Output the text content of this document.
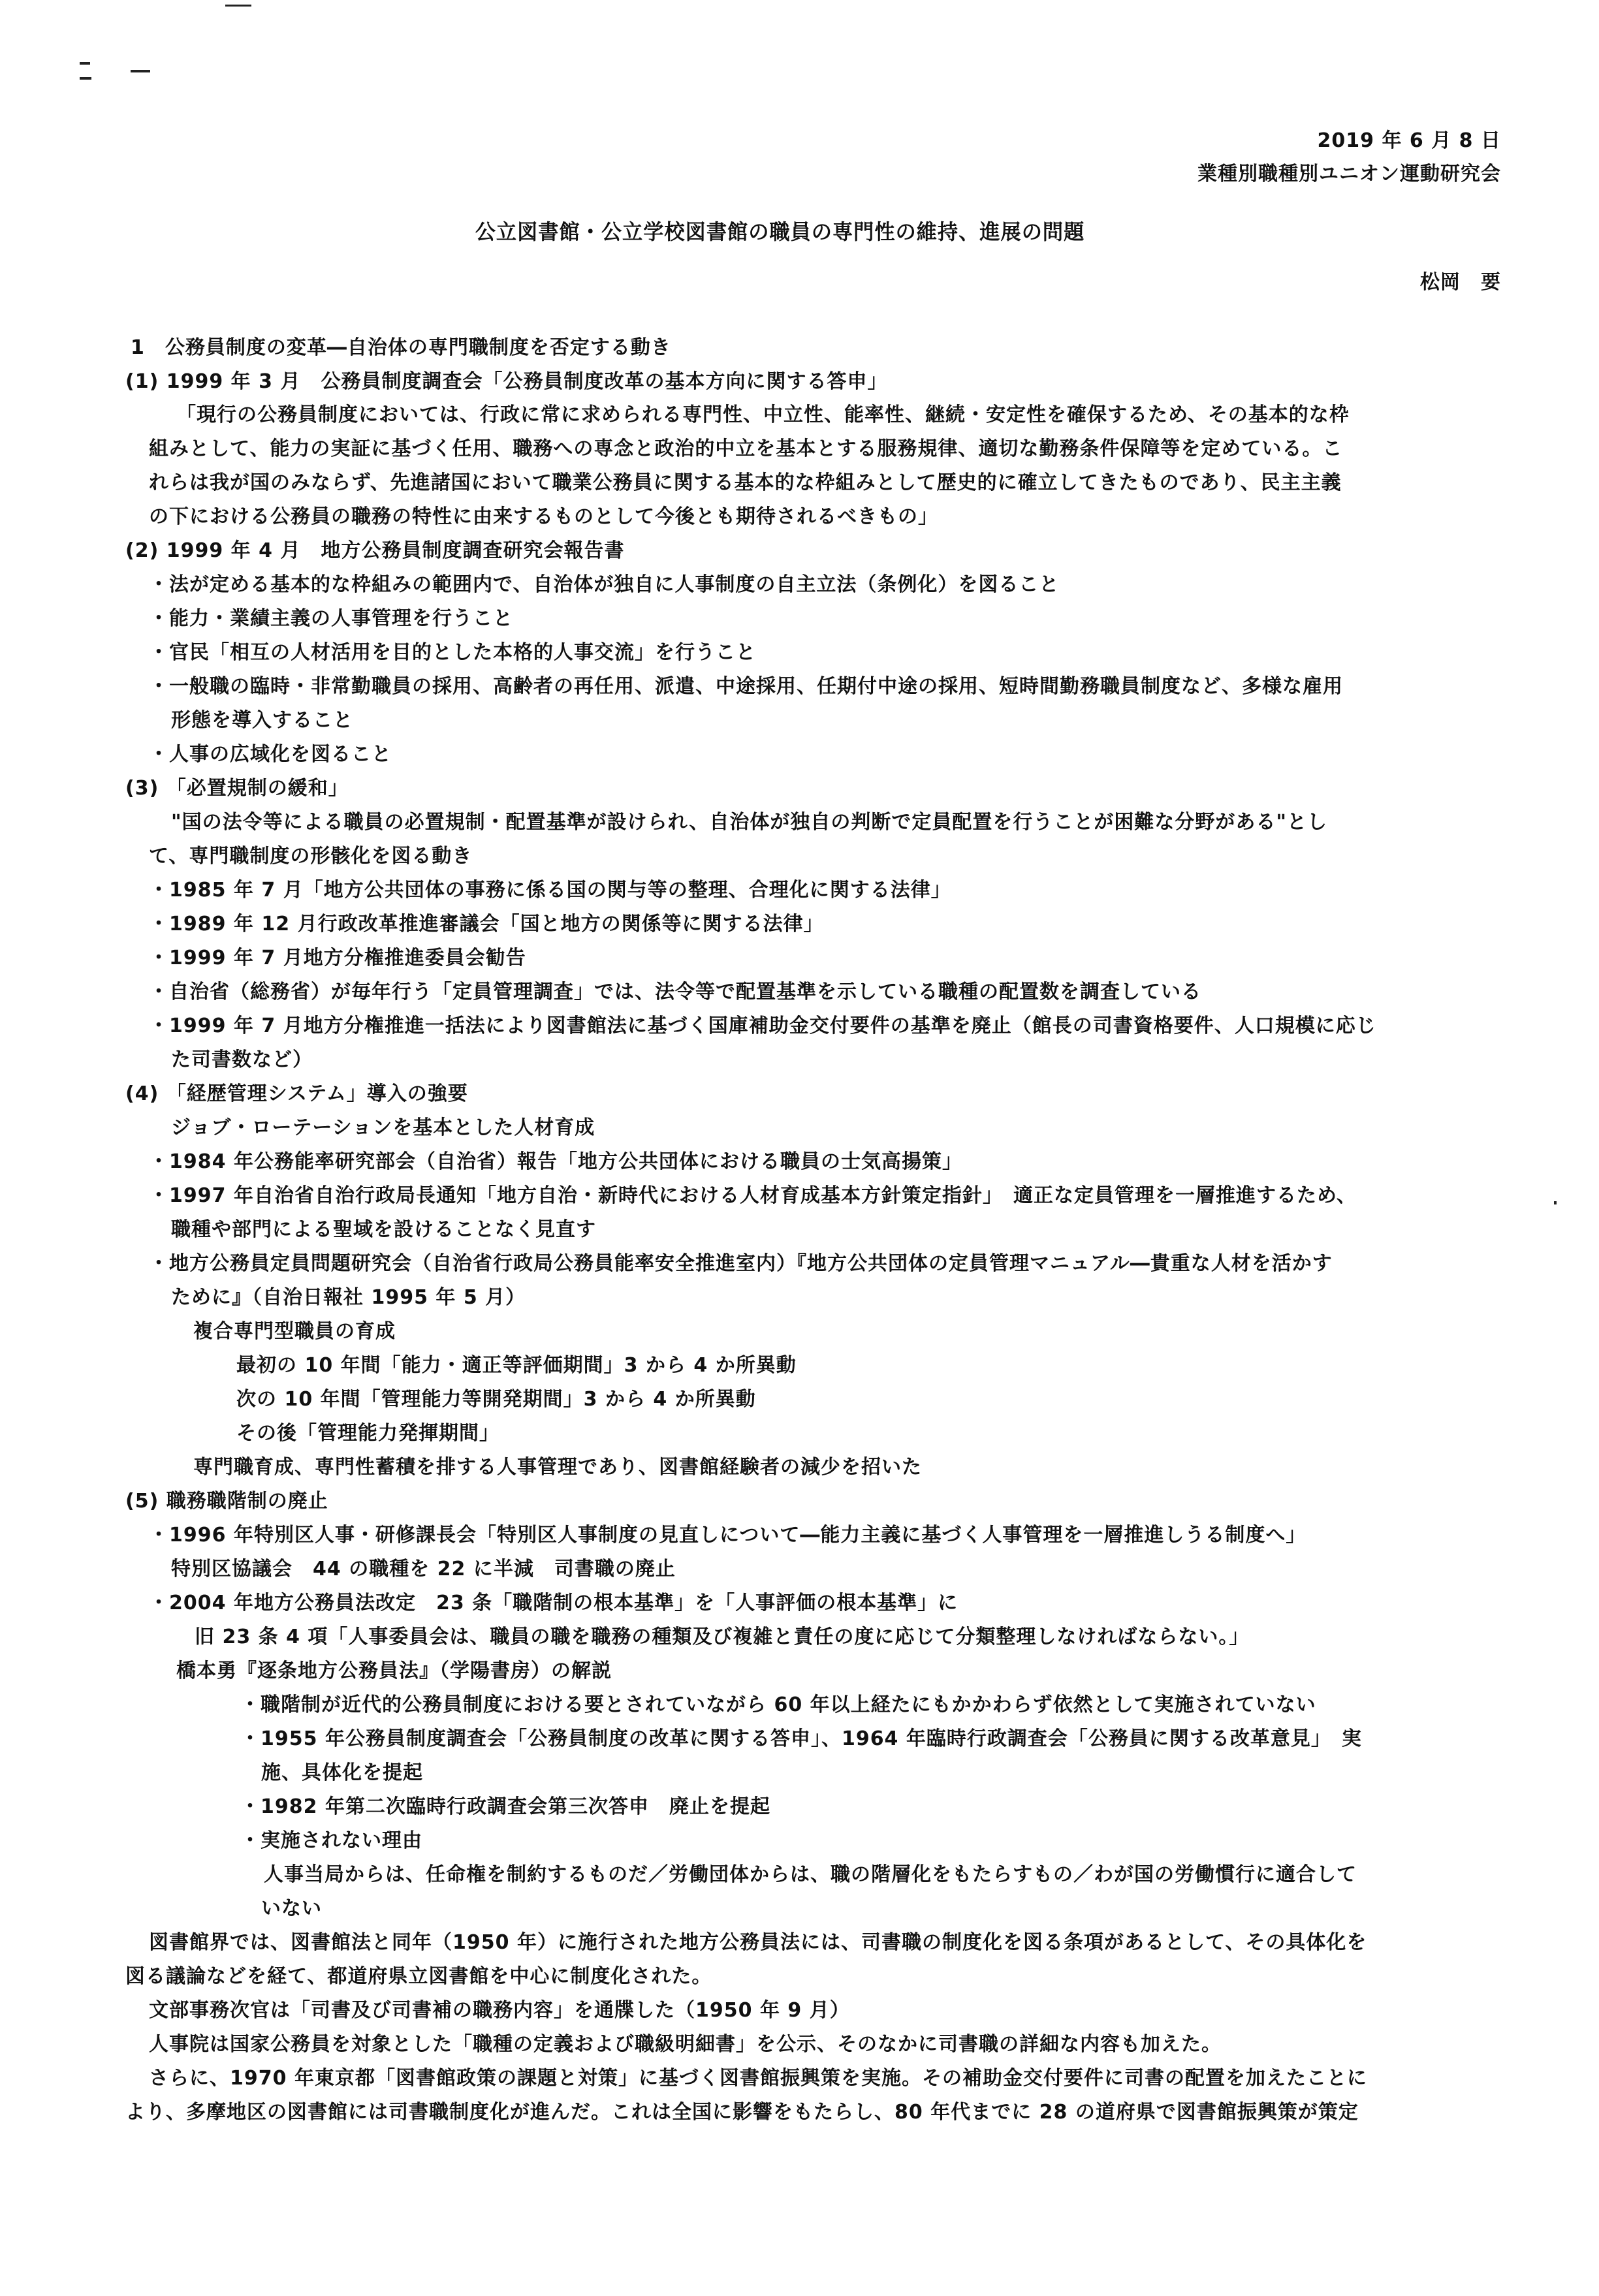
2019 年 6 月 8 日
業種別職種別ユニオン運動研究会
公立図書館・公立学校図書館の職員の専門性の維持、進展の問題
松岡　要
1　公務員制度の変革―自治体の専門職制度を否定する動き
(1) 1999 年 3 月　公務員制度調査会「公務員制度改革の基本方向に関する答申」
「現行の公務員制度においては、行政に常に求められる専門性、中立性、能率性、継続・安定性を確保するため、その基本的な枠
組みとして、能力の実証に基づく任用、職務への専念と政治的中立を基本とする服務規律、適切な勤務条件保障等を定めている。こ
れらは我が国のみならず、先進諸国において職業公務員に関する基本的な枠組みとして歴史的に確立してきたものであり、民主主義
の下における公務員の職務の特性に由来するものとして今後とも期待されるべきもの」
(2) 1999 年 4 月　地方公務員制度調査研究会報告書
・法が定める基本的な枠組みの範囲内で、自治体が独自に人事制度の自主立法（条例化）を図ること
・能力・業績主義の人事管理を行うこと
・官民「相互の人材活用を目的とした本格的人事交流」を行うこと
・一般職の臨時・非常勤職員の採用、高齢者の再任用、派遣、中途採用、任期付中途の採用、短時間勤務職員制度など、多様な雇用
形態を導入すること
・人事の広域化を図ること
(3) 「必置規制の緩和」
"国の法令等による職員の必置規制・配置基準が設けられ、自治体が独自の判断で定員配置を行うことが困難な分野がある"とし
て、専門職制度の形骸化を図る動き
・1985 年 7 月「地方公共団体の事務に係る国の関与等の整理、合理化に関する法律」
・1989 年 12 月行政改革推進審議会「国と地方の関係等に関する法律」
・1999 年 7 月地方分権推進委員会勧告
・自治省（総務省）が毎年行う「定員管理調査」では、法令等で配置基準を示している職種の配置数を調査している
・1999 年 7 月地方分権推進一括法により図書館法に基づく国庫補助金交付要件の基準を廃止（館長の司書資格要件、人口規模に応じ
た司書数など）
(4) 「経歴管理システム」導入の強要
ジョブ・ローテーションを基本とした人材育成
・1984 年公務能率研究部会（自治省）報告「地方公共団体における職員の士気高揚策」
・1997 年自治省自治行政局長通知「地方自治・新時代における人材育成基本方針策定指針」　適正な定員管理を一層推進するため、
職種や部門による聖域を設けることなく見直す
・地方公務員定員問題研究会（自治省行政局公務員能率安全推進室内）『地方公共団体の定員管理マニュアル―貴重な人材を活かす
ために』（自治日報社 1995 年 5 月）
複合専門型職員の育成
最初の 10 年間「能力・適正等評価期間」3 から 4 か所異動
次の 10 年間「管理能力等開発期間」3 から 4 か所異動
その後「管理能力発揮期間」
専門職育成、専門性蓄積を排する人事管理であり、図書館経験者の減少を招いた
(5) 職務職階制の廃止
・1996 年特別区人事・研修課長会「特別区人事制度の見直しについて―能力主義に基づく人事管理を一層推進しうる制度へ」
特別区協議会　44 の職種を 22 に半減　司書職の廃止
・2004 年地方公務員法改定　23 条「職階制の根本基準」を「人事評価の根本基準」に
旧 23 条 4 項「人事委員会は、職員の職を職務の種類及び複雑と責任の度に応じて分類整理しなければならない。」
橋本勇『逐条地方公務員法』（学陽書房）の解説
・職階制が近代的公務員制度における要とされていながら 60 年以上経たにもかかわらず依然として実施されていない
・1955 年公務員制度調査会「公務員制度の改革に関する答申」、1964 年臨時行政調査会「公務員に関する改革意見」　実
施、具体化を提起
・1982 年第二次臨時行政調査会第三次答申　廃止を提起
・実施されない理由
人事当局からは、任命権を制約するものだ／労働団体からは、職の階層化をもたらすもの／わが国の労働慣行に適合して
いない
図書館界では、図書館法と同年（1950 年）に施行された地方公務員法には、司書職の制度化を図る条項があるとして、その具体化を
図る議論などを経て、都道府県立図書館を中心に制度化された。
文部事務次官は「司書及び司書補の職務内容」を通牒した（1950 年 9 月）
人事院は国家公務員を対象とした「職種の定義および職級明細書」を公示、そのなかに司書職の詳細な内容も加えた。
さらに、1970 年東京都「図書館政策の課題と対策」に基づく図書館振興策を実施。その補助金交付要件に司書の配置を加えたことに
より、多摩地区の図書館には司書職制度化が進んだ。これは全国に影響をもたらし、80 年代までに 28 の道府県で図書館振興策が策定
